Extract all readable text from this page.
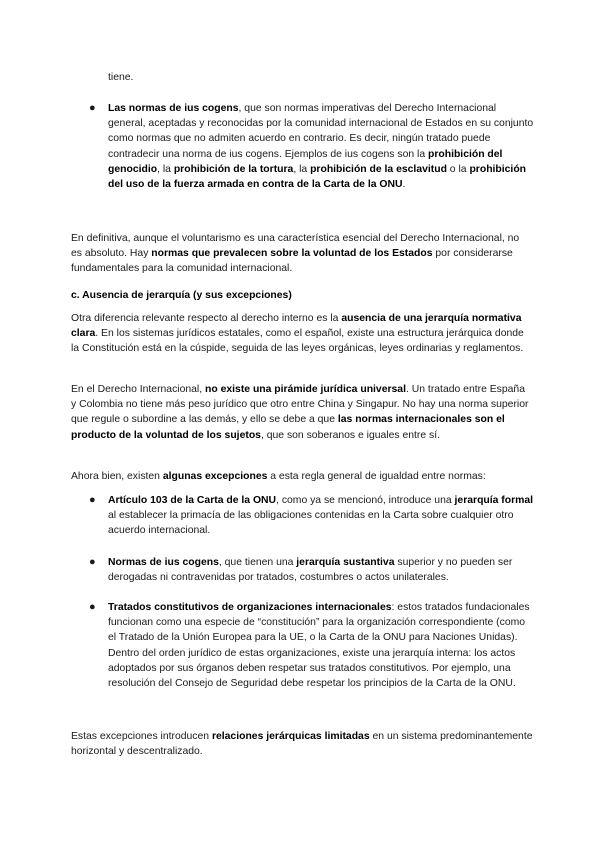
tiene.

● Las normas de ius cogens, que son normas imperativas del Derecho Internacional general, aceptadas y reconocidas por la comunidad internacional de Estados en su conjunto como normas que no admiten acuerdo en contrario. Es decir, ningún tratado puede contradecir una norma de ius cogens. Ejemplos de ius cogens son la prohibición del genocidio, la prohibición de la tortura, la prohibición de la esclavitud o la prohibición del uso de la fuerza armada en contra de la Carta de la ONU.

En definitiva, aunque el voluntarismo es una característica esencial del Derecho Internacional, no es absoluto. Hay normas que prevalecen sobre la voluntad de los Estados por considerarse fundamentales para la comunidad internacional.

c. Ausencia de jerarquía (y sus excepciones)

Otra diferencia relevante respecto al derecho interno es la ausencia de una jerarquía normativa clara. En los sistemas jurídicos estatales, como el español, existe una estructura jerárquica donde la Constitución está en la cúspide, seguida de las leyes orgánicas, leyes ordinarias y reglamentos.

En el Derecho Internacional, no existe una pirámide jurídica universal. Un tratado entre España y Colombia no tiene más peso jurídico que otro entre China y Singapur. No hay una norma superior que regule o subordine a las demás, y ello se debe a que las normas internacionales son el producto de la voluntad de los sujetos, que son soberanos e iguales entre sí.

Ahora bien, existen algunas excepciones a esta regla general de igualdad entre normas:

● Artículo 103 de la Carta de la ONU, como ya se mencionó, introduce una jerarquía formal al establecer la primacía de las obligaciones contenidas en la Carta sobre cualquier otro acuerdo internacional.

● Normas de ius cogens, que tienen una jerarquía sustantiva superior y no pueden ser derogadas ni contravenidas por tratados, costumbres o actos unilaterales.

● Tratados constitutivos de organizaciones internacionales: estos tratados fundacionales funcionan como una especie de “constitución” para la organización correspondiente (como el Tratado de la Unión Europea para la UE, o la Carta de la ONU para Naciones Unidas). Dentro del orden jurídico de estas organizaciones, existe una jerarquía interna: los actos adoptados por sus órganos deben respetar sus tratados constitutivos. Por ejemplo, una resolución del Consejo de Seguridad debe respetar los principios de la Carta de la ONU.

Estas excepciones introducen relaciones jerárquicas limitadas en un sistema predominantemente horizontal y descentralizado.
